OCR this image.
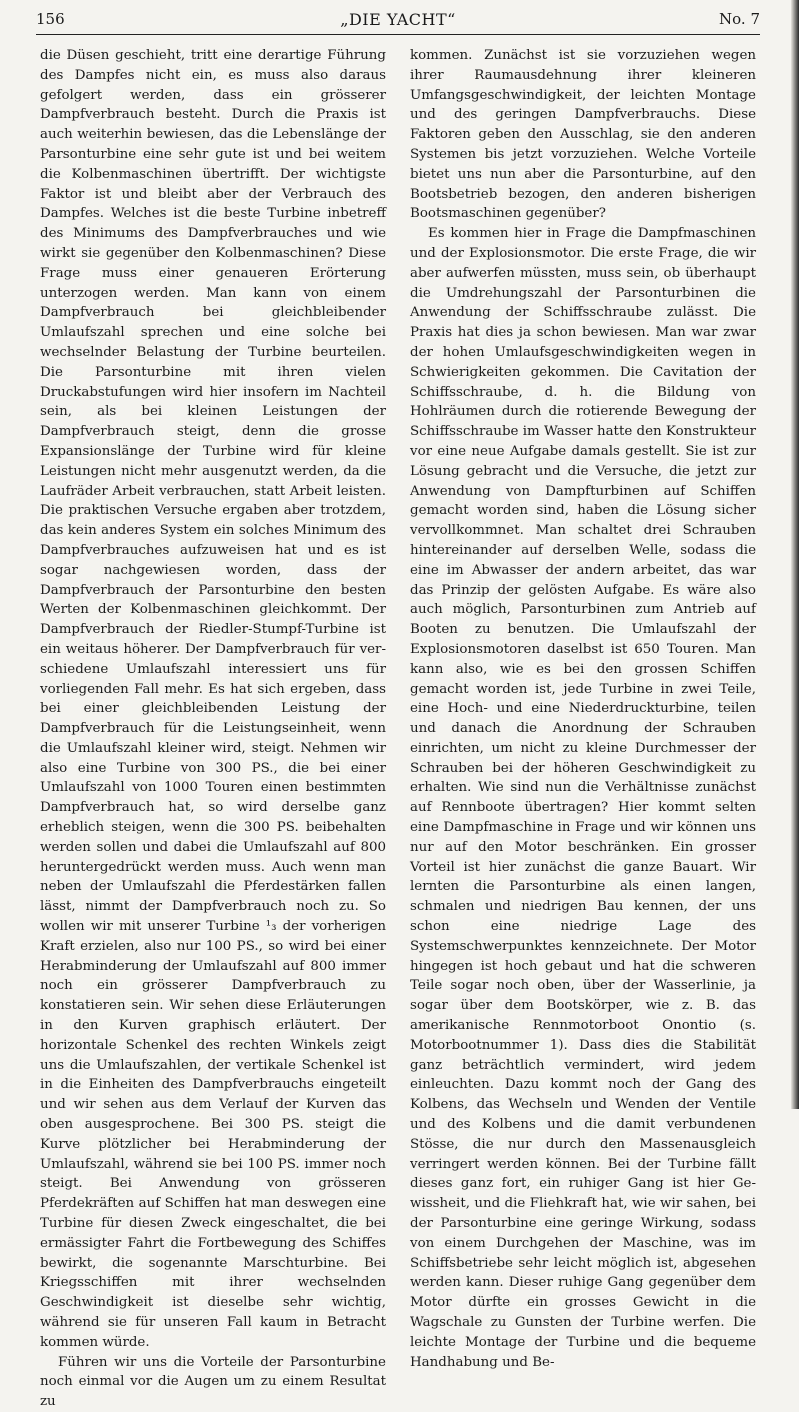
156	„DIE YACHT“	No. 7

die Düsen geschieht, tritt eine derartige Führung des Dampfes nicht ein, es muss also daraus gefolgert werden, dass ein grösserer Dampfverbrauch besteht. Durch die Praxis ist auch weiterhin bewiesen, das die Lebenslänge der Parsonturbine eine sehr gute ist und bei weitem die Kolbenmaschinen übertrifft. Der wichtigste Faktor ist und bleibt aber der Verbrauch des Dampfes. Welches ist die beste Turbine inbetreff des Minimums des Dampfverbrauches und wie wirkt sie gegenüber den Kolbenmaschinen? Diese Frage muss einer genaueren Erörterung unterzogen werden. Man kann von einem Dampfverbrauch bei gleichbleibender Umlaufszahl sprechen und eine solche bei wechselnder Belastung der Turbine beurteilen. Die Parsonturbine mit ihren vielen Druckabstufungen wird hier insofern im Nachteil sein, als bei kleinen Leistungen der Dampfverbrauch steigt, denn die grosse Expansionslänge der Turbine wird für kleine Leistungen nicht mehr ausgenutzt werden, da die Laufräder Arbeit verbrauchen, statt Arbeit leisten. Die praktischen Versuche ergaben aber trotzdem, das kein anderes System ein solches Minimum des Dampfverbrauches aufzuweisen hat und es ist sogar nachgewiesen worden, dass der Dampfverbrauch der Parsonturbine den besten Werten der Kolbenmaschinen gleichkommt. Der Dampfverbrauch der Riedler-Stumpf-Turbine ist ein weitaus höherer. Der Dampfverbrauch für verschiedene Umlaufszahl interessiert uns für vorliegenden Fall mehr. Es hat sich ergeben, dass bei einer gleichbleibenden Leistung der Dampfverbrauch für die Leistungseinheit, wenn die Umlaufszahl kleiner wird, steigt. Nehmen wir also eine Turbine von 300 PS., die bei einer Umlaufszahl von 1000 Touren einen bestimmten Dampfverbrauch hat, so wird derselbe ganz erheblich steigen, wenn die 300 PS. beibehalten werden sollen und dabei die Umlaufszahl auf 800 heruntergedrückt werden muss. Auch wenn man neben der Umlaufszahl die Pferdestärken fallen lässt, nimmt der Dampfverbrauch noch zu. So wollen wir mit unserer Turbine ¹₃ der vorherigen Kraft erzielen, also nur 100 PS., so wird bei einer Herabminderung der Umlaufszahl auf 800 immer noch ein grösserer Dampfverbrauch zu konstatieren sein. Wir sehen diese Erläuterungen in den Kurven graphisch erläutert. Der horizontale Schenkel des rechten Winkels zeigt uns die Umlaufszahlen, der vertikale Schenkel ist in die Einheiten des Dampfverbrauchs eingeteilt und wir sehen aus dem Verlauf der Kurven das oben ausgesprochene. Bei 300 PS. steigt die Kurve plötzlicher bei Herabminderung der Umlaufszahl, während sie bei 100 PS. immer noch steigt. Bei Anwendung von grösseren Pferdekräften auf Schiffen hat man deswegen eine Turbine für diesen Zweck eingeschaltet, die bei ermässigter Fahrt die Fortbewegung des Schiffes bewirkt, die sogenannte Marschturbine. Bei Kriegsschiffen mit ihrer wechselnden Geschwindigkeit ist dieselbe sehr wichtig, während sie für unseren Fall kaum in Betracht kommen würde.

Führen wir uns die Vorteile der Parsonturbine noch einmal vor die Augen um zu einem Resultat zu

kommen. Zunächst ist sie vorzuziehen wegen ihrer Raumausdehnung ihrer kleineren Umfangsgeschwindigkeit, der leichten Montage und des geringen Dampfverbrauchs. Diese Faktoren geben den Ausschlag, sie den anderen Systemen bis jetzt vorzuziehen. Welche Vorteile bietet uns nun aber die Parsonturbine, auf den Bootsbetrieb bezogen, den anderen bisherigen Bootsmaschinen gegenüber?

Es kommen hier in Frage die Dampfmaschinen und der Explosionsmotor. Die erste Frage, die wir aber aufwerfen müssten, muss sein, ob überhaupt die Umdrehungszahl der Parsonturbinen die Anwendung der Schiffsschraube zulässt. Die Praxis hat dies ja schon bewiesen. Man war zwar der hohen Umlaufsgeschwindigkeiten wegen in Schwierigkeiten gekommen. Die Cavitation der Schiffsschraube, d. h. die Bildung von Hohlräumen durch die rotierende Bewegung der Schiffsschraube im Wasser hatte den Konstrukteur vor eine neue Aufgabe damals gestellt. Sie ist zur Lösung gebracht und die Versuche, die jetzt zur Anwendung von Dampfturbinen auf Schiffen gemacht worden sind, haben die Lösung sicher vervollkommnet. Man schaltet drei Schrauben hintereinander auf derselben Welle, sodass die eine im Abwasser der andern arbeitet, das war das Prinzip der gelösten Aufgabe. Es wäre also auch möglich, Parsonturbinen zum Antrieb auf Booten zu benutzen. Die Umlaufszahl der Explosionsmotoren daselbst ist 650 Touren. Man kann also, wie es bei den grossen Schiffen gemacht worden ist, jede Turbine in zwei Teile, eine Hoch- und eine Niederdruckturbine, teilen und danach die Anordnung der Schrauben einrichten, um nicht zu kleine Durchmesser der Schrauben bei der höheren Geschwindigkeit zu erhalten. Wie sind nun die Verhältnisse zunächst auf Rennboote übertragen? Hier kommt selten eine Dampfmaschine in Frage und wir können uns nur auf den Motor beschränken. Ein grosser Vorteil ist hier zunächst die ganze Bauart. Wir lernten die Parsonturbine als einen langen, schmalen und niedrigen Bau kennen, der uns schon eine niedrige Lage des Systemschwerpunktes kennzeichnete. Der Motor hingegen ist hoch gebaut und hat die schweren Teile sogar noch oben, über der Wasserlinie, ja sogar über dem Bootskörper, wie z. B. das amerikanische Rennmotorboot Onontio (s. Motorbootnummer 1). Dass dies die Stabilität ganz beträchtlich vermindert, wird jedem einleuchten. Dazu kommt noch der Gang des Kolbens, das Wechseln und Wenden der Ventile und des Kolbens und die damit verbundenen Stösse, die nur durch den Massenausgleich verringert werden können. Bei der Turbine fällt dieses ganz fort, ein ruhiger Gang ist hier Gewissheit, und die Fliehkraft hat, wie wir sahen, bei der Parsonturbine eine geringe Wirkung, sodass von einem Durchgehen der Maschine, was im Schiffsbetriebe sehr leicht möglich ist, abgesehen werden kann. Dieser ruhige Gang gegenüber dem Motor dürfte ein grosses Gewicht in die Wagschale zu Gunsten der Turbine werfen. Die leichte Montage der Turbine und die bequeme Handhabung und Be-
